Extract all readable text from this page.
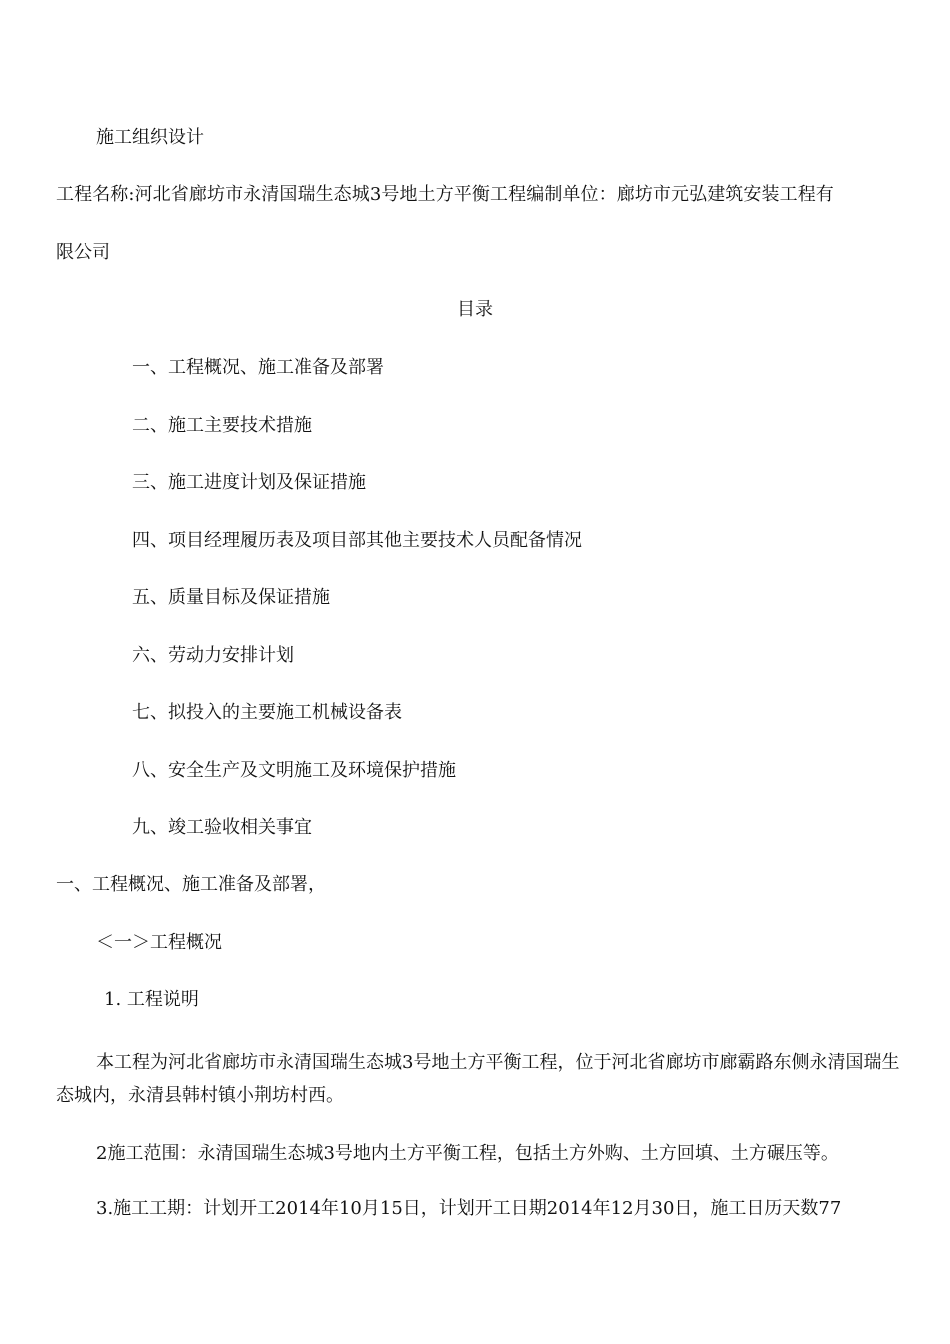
施工组织设计
工程名称:河北省廊坊市永清国瑞生态城3号地土方平衡工程编制单位：廊坊市元弘建筑安装工程有
限公司
目录
一、工程概况、施工准备及部署
二、施工主要技术措施
三、施工进度计划及保证措施
四、项目经理履历表及项目部其他主要技术人员配备情况
五、质量目标及保证措施
六、劳动力安排计划
七、拟投入的主要施工机械设备表
八、安全生产及文明施工及环境保护措施
九、竣工验收相关事宜
一、工程概况、施工准备及部署，
＜一＞工程概况
1. 工程说明
本工程为河北省廊坊市永清国瑞生态城3号地土方平衡工程，位于河北省廊坊市廊霸路东侧永清国瑞生态城内，永清县韩村镇小荆坊村西。
2施工范围：永清国瑞生态城3号地内土方平衡工程，包括土方外购、土方回填、土方碾压等。
3.施工工期：计划开工2014年10月15日，计划开工日期2014年12月30日，施工日历天数77
